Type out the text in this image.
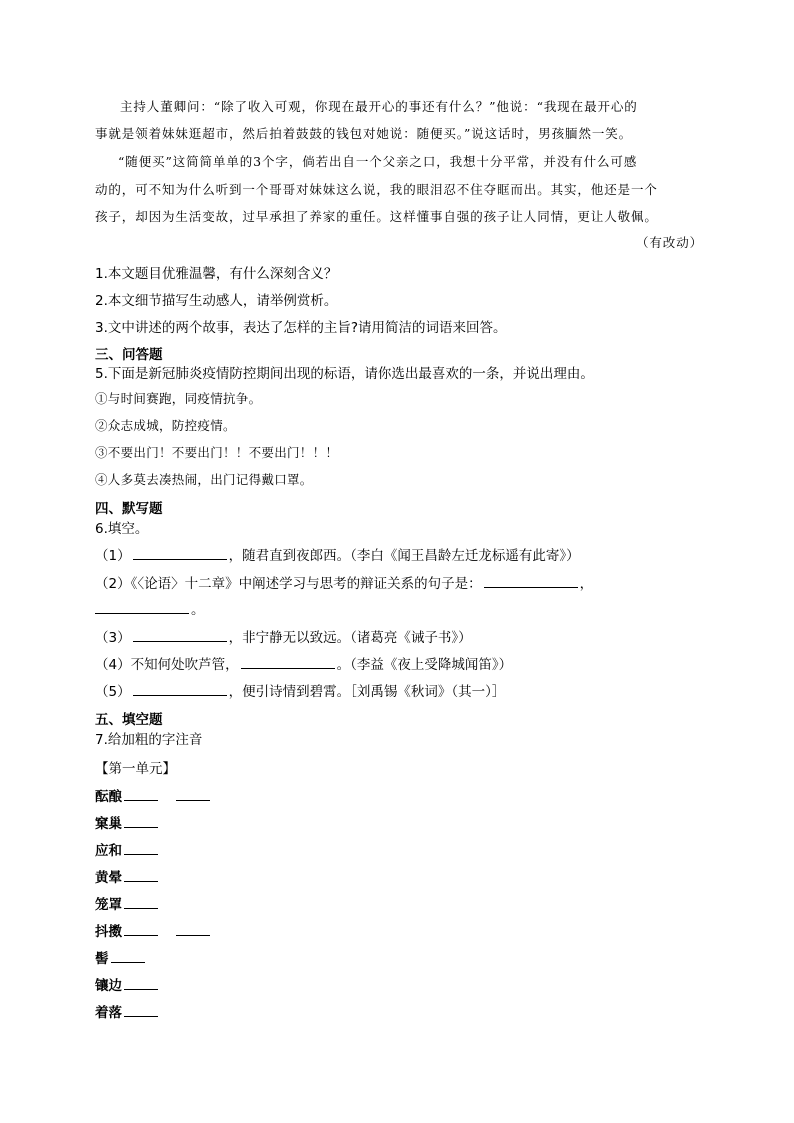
主持人董卿问：“除了收入可观，你现在最开心的事还有什么？”他说：“我现在最开心的
事就是领着妹妹逛超市，然后拍着鼓鼓的钱包对她说：随便买。”说这话时，男孩腼然一笑。
“随便买”这简简单单的3个字，倘若出自一个父亲之口，我想十分平常，并没有什么可感
动的，可不知为什么听到一个哥哥对妹妹这么说，我的眼泪忍不住夺眶而出。其实，他还是一个
孩子，却因为生活变故，过早承担了养家的重任。这样懂事自强的孩子让人同情，更让人敬佩。
（有改动）
1.本文题目优雅温馨，有什么深刻含义？
2.本文细节描写生动感人，请举例赏析。
3.文中讲述的两个故事，表达了怎样的主旨?请用简洁的词语来回答。
三、问答题
5.下面是新冠肺炎疫情防控期间出现的标语，请你选出最喜欢的一条，并说出理由。
①与时间赛跑，同疫情抗争。
②众志成城，防控疫情。
③不要出门！不要出门！！不要出门！！！
④人多莫去凑热闹，出门记得戴口罩。
四、默写题
6.填空。
（1）	，随君直到夜郎西。（李白《闻王昌龄左迁龙标遥有此寄》）
（2）《〈论语〉十二章》中阐述学习与思考的辩证关系的句子是：	，
。
（3）	，非宁静无以致远。（诸葛亮《诫子书》）
（4）不知何处吹芦管，	。（李益《夜上受降城闻笛》）
（5）	，便引诗情到碧霄。［刘禹锡《秋词》（其一）］
五、填空题
7.给加粗的字注音
【第一单元】
酝酿
窠巢
应和
黄晕
笼罩
抖擞
髻
镶边
着落
